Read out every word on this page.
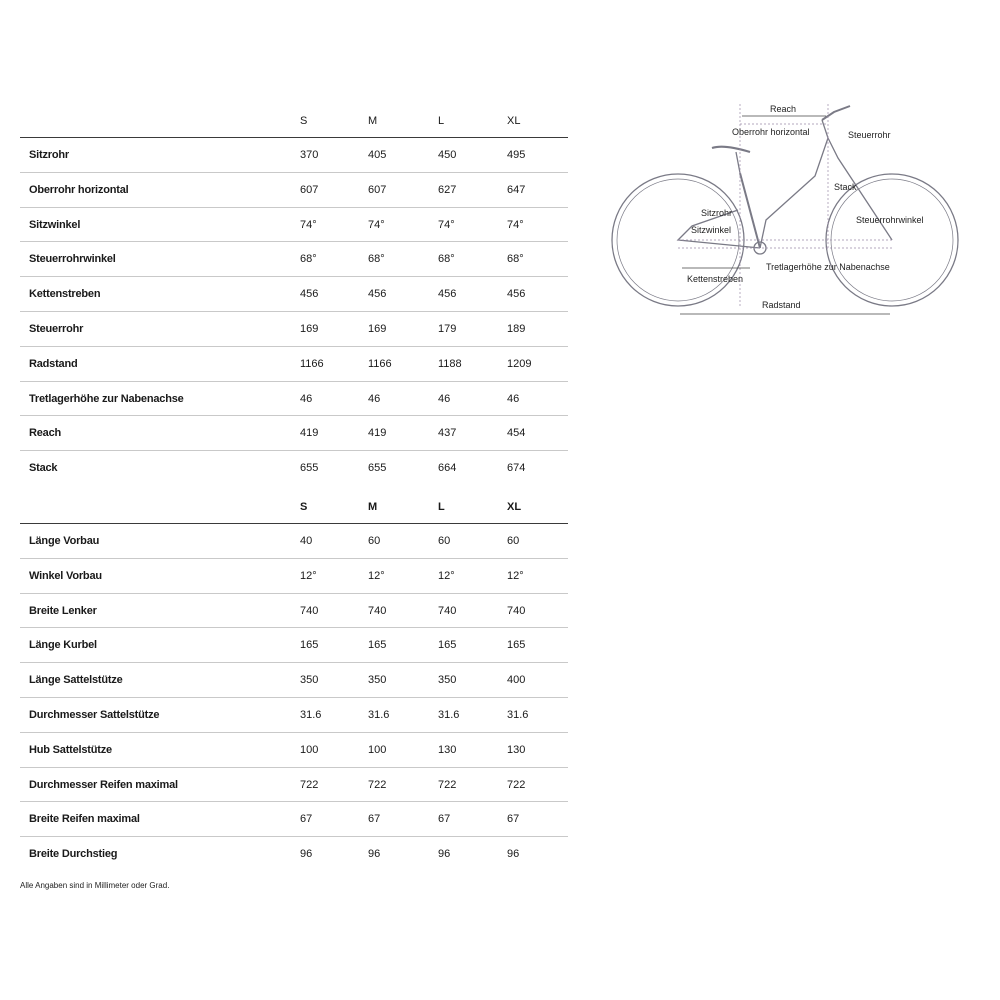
S	M	L	XL
Sitzrohr	370	405	450	495
Oberrohr horizontal	607	607	627	647
Sitzwinkel	74°	74°	74°	74°
Steuerrohrwinkel	68°	68°	68°	68°
Kettenstreben	456	456	456	456
Steuerrohr	169	169	179	189
Radstand	1166	1166	1188	1209
Tretlagerhöhe zur Nabenachse	46	46	46	46
Reach	419	419	437	454
Stack	655	655	664	674
S	M	L	XL
Länge Vorbau	40	60	60	60
Winkel Vorbau	12°	12°	12°	12°
Breite Lenker	740	740	740	740
Länge Kurbel	165	165	165	165
Länge Sattelstütze	350	350	350	400
Durchmesser Sattelstütze	31.6	31.6	31.6	31.6
Hub Sattelstütze	100	100	130	130
Durchmesser Reifen maximal	722	722	722	722
Breite Reifen maximal	67	67	67	67
Breite Durchstieg	96	96	96	96
Alle Angaben sind in Millimeter oder Grad.
Reach
Oberrohr horizontal	Steuerrohr
Stack
Sitzrohr
Sitzwinkel
Steuerrohrwinkel
Tretlagerhöhe zur Nabenachse
Kettenstreben
Radstand
